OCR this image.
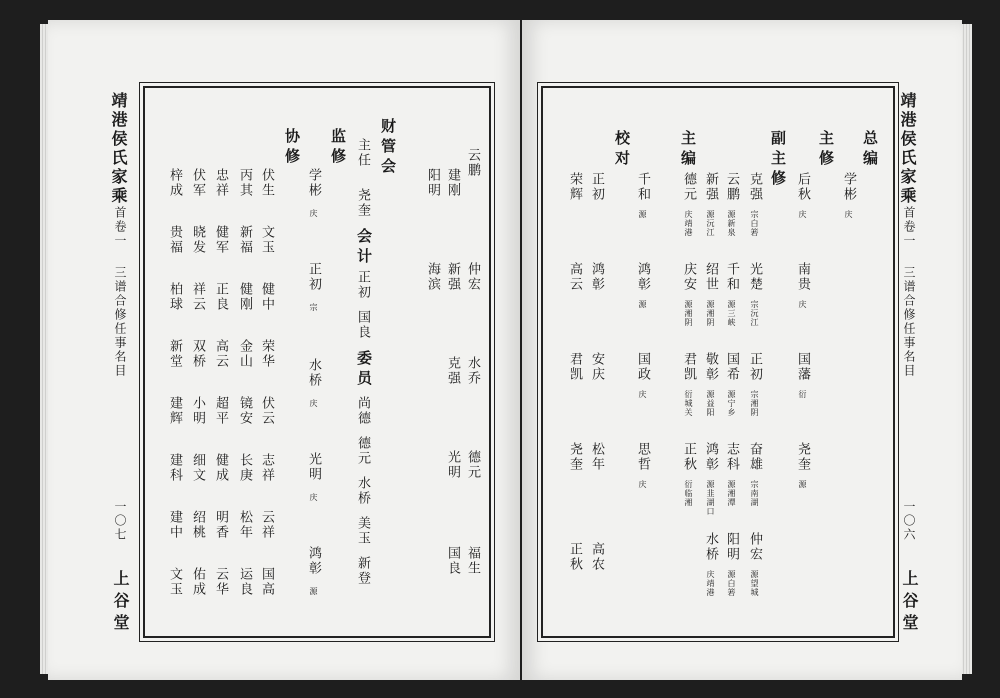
靖港侯氏家乘
首卷一
三谱合修任事名目
一〇七
上谷堂
靖港侯氏家乘
首卷一
三谱合修任事名目
一〇六
上谷堂
财管会
主任
尧奎
会计
正初
国良
委员
尚德
德元
水桥
美玉
新登
监修
协修
学彬
正初
水桥
光明
鸿彰
伏生
文玉
健中
荣华
伏云
志祥
云祥
国高
丙其
新福
健刚
金山
镜安
长庚
松年
运良
忠祥
健军
正良
高云
超平
健成
明香
云华
伏军
晓发
祥云
双桥
小明
细文
绍桃
佑成
梓成
贵福
柏球
新堂
建辉
建科
建中
文玉
云鹏
仲宏
水乔
德元
福生
建刚
新强
克强
光明
国良
阳明
海滨
庆
宗
庆
庆
源
总编
主修
副主修
主编
校对
学彬
后秋
南贵
国藩
尧奎
克强
光楚
正初
奋雄
仲宏
云鹏
千和
国希
志科
阳明
新强
绍世
敬彰
鸿彰
水桥
德元
庆安
君凯
正秋
千和
鸿彰
国政
思哲
正初
鸿彰
安庆
松年
高农
荣辉
高云
君凯
尧奎
正秋
庆
庆
庆
衍
源
宗白箬
宗沅江
宗湘阴
宗南湖
源望城
源新泉
源三峡
源宁乡
源湘潭
源白箬
源沅江
源湘阴
源益阳
源韭湖口
庆靖港
庆靖港
源湘阴
衍城关
衍临湘
源
源
庆
庆
